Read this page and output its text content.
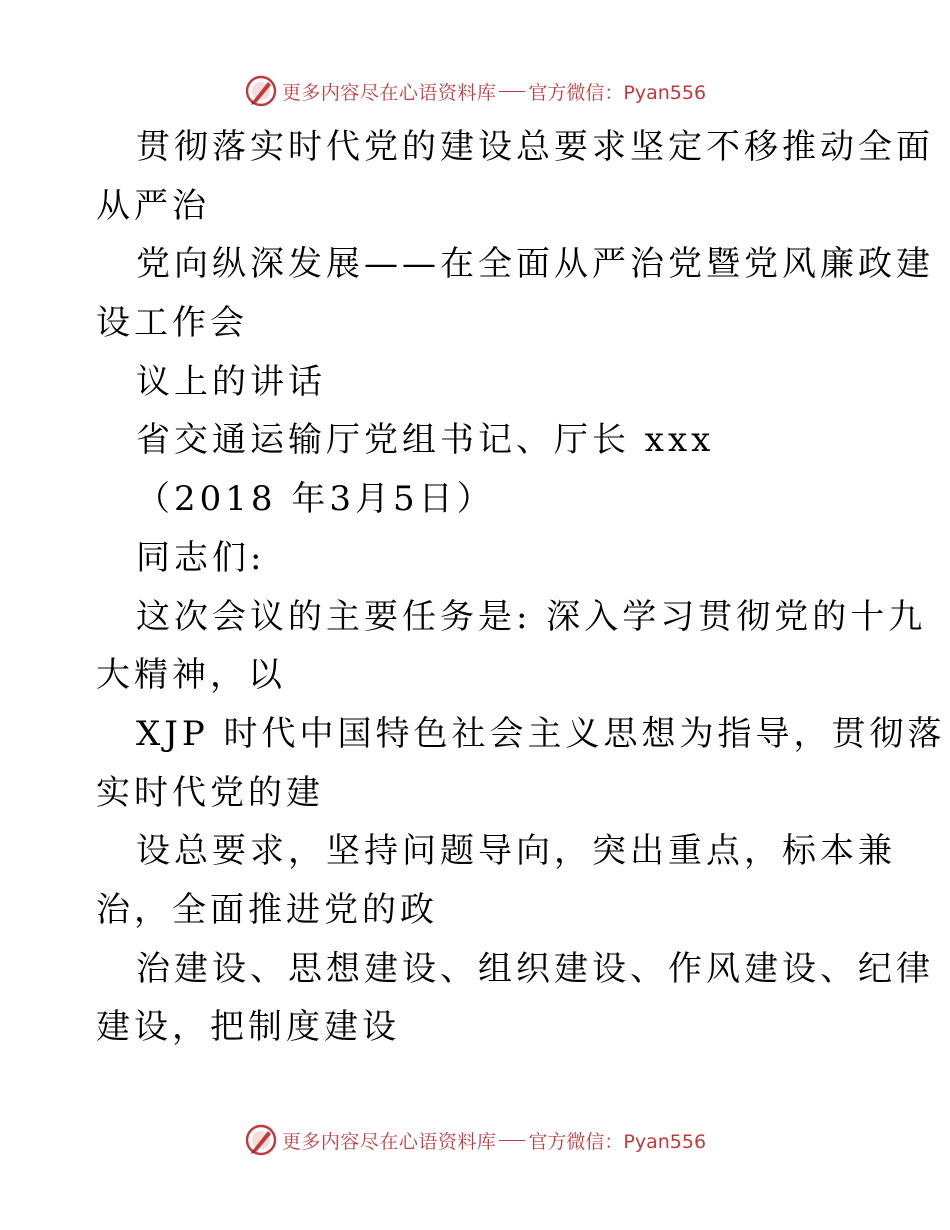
更多内容尽在心语资料库 官方微信：Pyan556
贯彻落实时代党的建设总要求坚定不移推动全面
从严治
党向纵深发展——在全面从严治党暨党风廉政建
设工作会
议上的讲话
省交通运输厅党组书记、厅长 xxx
（2018 年3月5日）
同志们:
这次会议的主要任务是: 深入学习贯彻党的十九
大精神，以
XJP 时代中国特色社会主义思想为指导，贯彻落
实时代党的建
设总要求，坚持问题导向，突出重点，标本兼
治，全面推进党的政
治建设、思想建设、组织建设、作风建设、纪律
建设，把制度建设
更多内容尽在心语资料库 官方微信：Pyan556
